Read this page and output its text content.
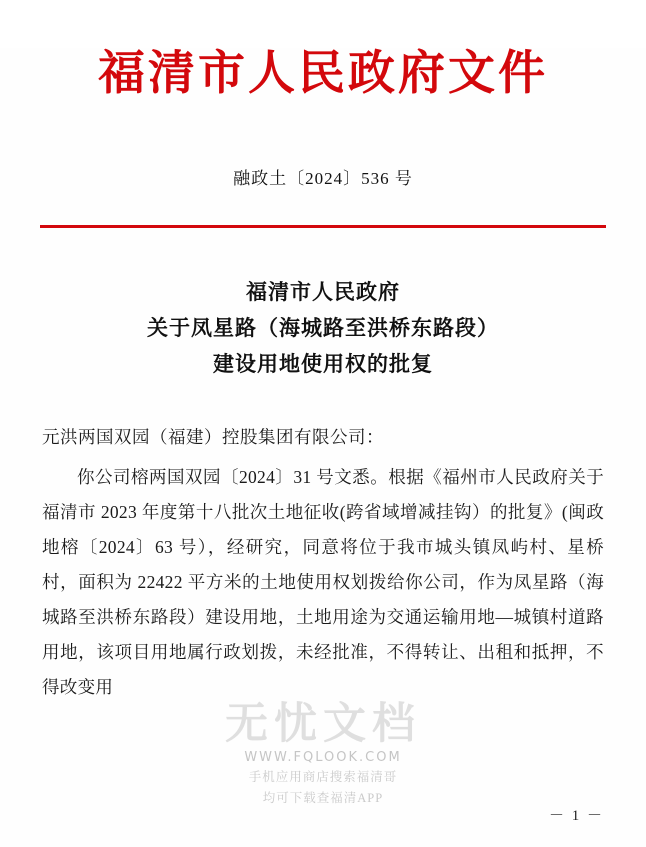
福清市人民政府文件
融政土〔2024〕536 号
福清市人民政府
关于凤星路（海城路至洪桥东路段）
建设用地使用权的批复
元洪两国双园（福建）控股集团有限公司：

你公司榕两国双园〔2024〕31 号文悉。根据《福州市人民政府关于福清市 2023 年度第十八批次土地征收(跨省域增减挂钩）的批复》(闽政地榕〔2024〕63 号），经研究，同意将位于我市城头镇凤屿村、星桥村，面积为 22422 平方米的土地使用权划拨给你公司，作为凤星路（海城路至洪桥东路段）建设用地，土地用途为交通运输用地—城镇村道路用地，该项目用地属行政划拨，未经批准，不得转让、出租和抵押，不得改变用

无忧文档
WWW.FQLOOK.COM
手机应用商店搜索福清哥
均可下载查福清APP
－ 1 －
